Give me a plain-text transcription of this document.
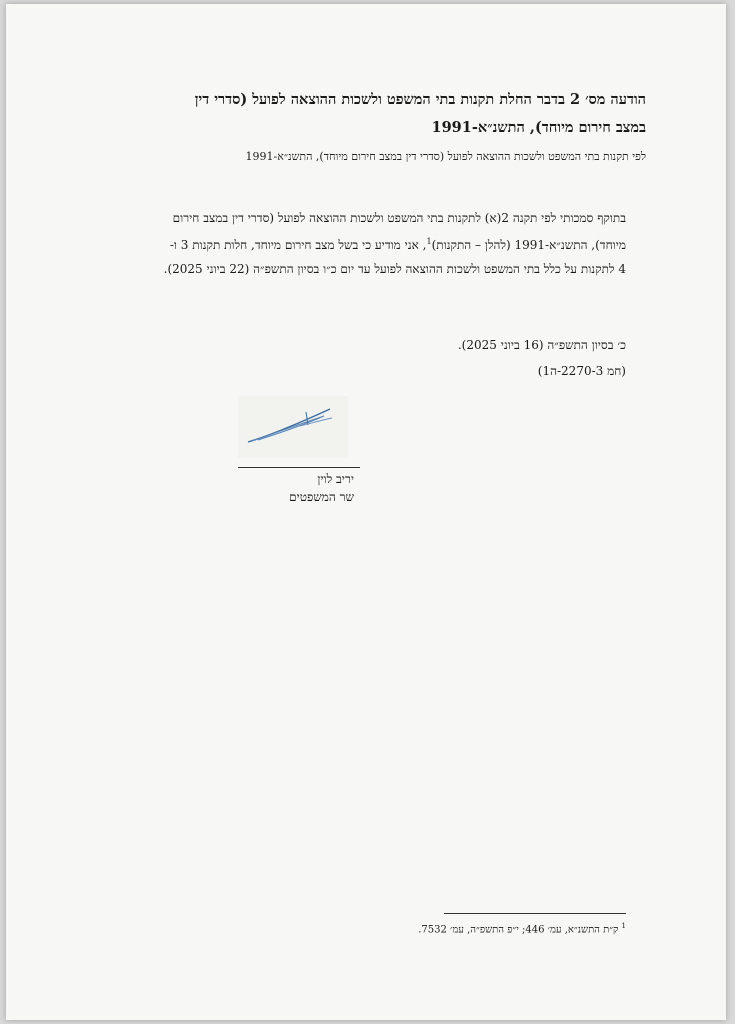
הודעה מס׳ 2 בדבר החלת תקנות בתי המשפט ולשכות ההוצאה לפועל (סדרי דין
במצב חירום מיוחד), התשנ״א-1991
לפי תקנות בתי המשפט ולשכות ההוצאה לפועל (סדרי דין במצב חירום מיוחד), התשנ״א-1991
בתוקף סמכותי לפי תקנה 2(א) לתקנות בתי המשפט ולשכות ההוצאה לפועל (סדרי דין במצב חירום
מיוחד), התשנ״א-1991 (להלן – התקנות)$^1$, אני מודיע כי בשל מצב חירום מיוחד, חלות תקנות 3 ו-
4 לתקנות על כלל בתי המשפט ולשכות ההוצאה לפועל עד יום כ״ו בסיון התשפ״ה (22 ביוני 2025).
כ׳ בסיון התשפ״ה (16 ביוני 2025).
(חמ 2270-3-ה1)
יריב לוין
שר המשפטים
$^1$ ק״ת התשנ״א, עמ׳ 446; י״פ התשפ״ה, עמ׳ 7532.
